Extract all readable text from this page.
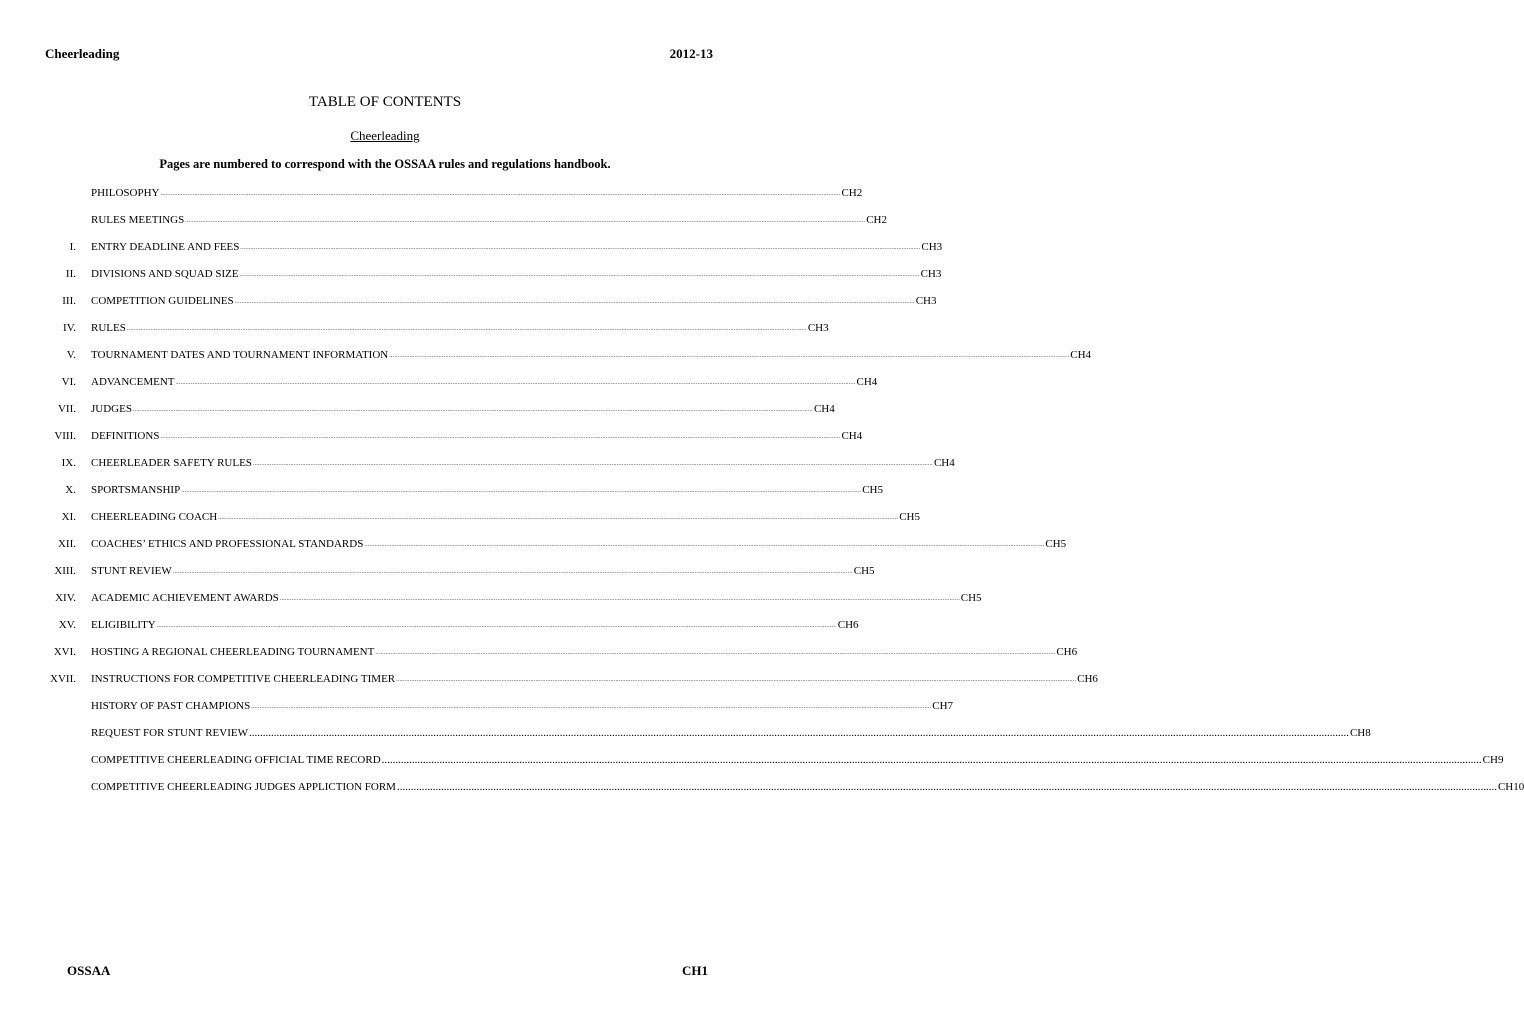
Cheerleading	2012-13
TABLE OF CONTENTS
Cheerleading
Pages are numbered to correspond with the OSSAA rules and regulations handbook.
PHILOSOPHY ................................................................................................................................................................................................................................................................................................................................................................................................................ CH2
RULES MEETINGS ................................................................................................................................................................................................................................................................................................................................................................................................................ CH2
I. ENTRY DEADLINE AND FEES ................................................................................................................................................................................................................................................................................................................................................................................................................ CH3
II. DIVISIONS AND SQUAD SIZE ................................................................................................................................................................................................................................................................................................................................................................................................................ CH3
III. COMPETITION GUIDELINES ................................................................................................................................................................................................................................................................................................................................................................................................................ CH3
IV. RULES ................................................................................................................................................................................................................................................................................................................................................................................................................ CH3
V. TOURNAMENT DATES AND TOURNAMENT INFORMATION ................................................................................................................................................................................................................................................................................................................................................................................................................ CH4
VI. ADVANCEMENT ................................................................................................................................................................................................................................................................................................................................................................................................................ CH4
VII. JUDGES ................................................................................................................................................................................................................................................................................................................................................................................................................ CH4
VIII. DEFINITIONS ................................................................................................................................................................................................................................................................................................................................................................................................................ CH4
IX. CHEERLEADER SAFETY RULES ................................................................................................................................................................................................................................................................................................................................................................................................................ CH4
X. SPORTSMANSHIP ................................................................................................................................................................................................................................................................................................................................................................................................................ CH5
XI. CHEERLEADING COACH ................................................................................................................................................................................................................................................................................................................................................................................................................ CH5
XII. COACHES’ ETHICS AND PROFESSIONAL STANDARDS ................................................................................................................................................................................................................................................................................................................................................................................................................ CH5
XIII. STUNT REVIEW ................................................................................................................................................................................................................................................................................................................................................................................................................ CH5
XIV. ACADEMIC ACHIEVEMENT AWARDS ................................................................................................................................................................................................................................................................................................................................................................................................................ CH5
XV. ELIGIBILITY ................................................................................................................................................................................................................................................................................................................................................................................................................ CH6
XVI. HOSTING A REGIONAL CHEERLEADING TOURNAMENT ................................................................................................................................................................................................................................................................................................................................................................................................................ CH6
XVII. INSTRUCTIONS FOR COMPETITIVE CHEERLEADING TIMER ................................................................................................................................................................................................................................................................................................................................................................................................................ CH6
HISTORY OF PAST CHAMPIONS ................................................................................................................................................................................................................................................................................................................................................................................................................ CH7
REQUEST FOR STUNT REVIEW ................................................................................................................................................................................................................................................................................................................................................................................................................ CH8
COMPETITIVE CHEERLEADING OFFICIAL TIME RECORD ................................................................................................................................................................................................................................................................................................................................................................................................................ CH9
COMPETITIVE CHEERLEADING JUDGES APPLICTION FORM ................................................................................................................................................................................................................................................................................................................................................................................................................ CH10
OSSAA	CH1
